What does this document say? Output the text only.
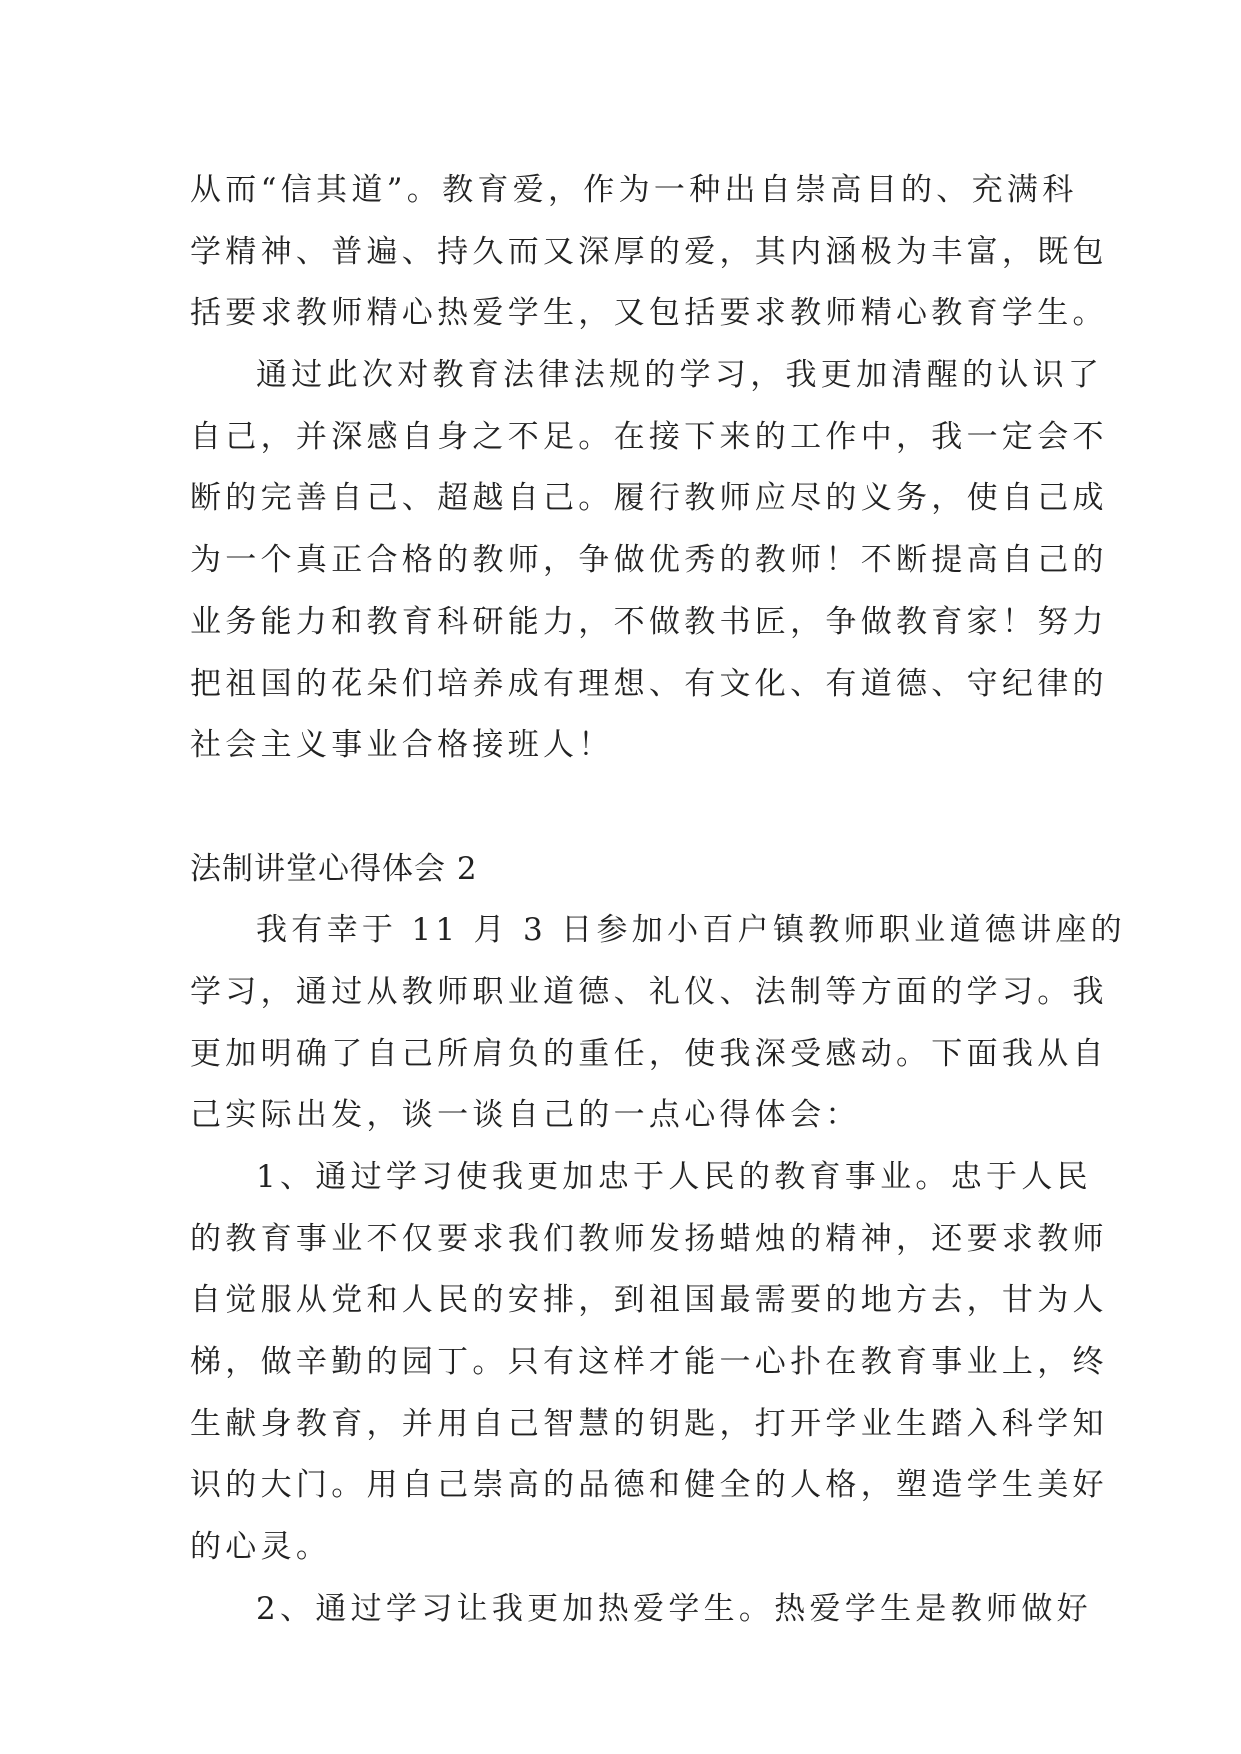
从而“信其道”。教育爱，作为一种出自崇高目的、充满科
学精神、普遍、持久而又深厚的爱，其内涵极为丰富，既包
括要求教师精心热爱学生，又包括要求教师精心教育学生。
通过此次对教育法律法规的学习，我更加清醒的认识了
自己，并深感自身之不足。在接下来的工作中，我一定会不
断的完善自己、超越自己。履行教师应尽的义务，使自己成
为一个真正合格的教师，争做优秀的教师！不断提高自己的
业务能力和教育科研能力，不做教书匠，争做教育家！努力
把祖国的花朵们培养成有理想、有文化、有道德、守纪律的
社会主义事业合格接班人！
法制讲堂心得体会 2
我有幸于 11 月 3 日参加小百户镇教师职业道德讲座的
学习，通过从教师职业道德、礼仪、法制等方面的学习。我
更加明确了自己所肩负的重任，使我深受感动。下面我从自
己实际出发，谈一谈自己的一点心得体会：
1、通过学习使我更加忠于人民的教育事业。忠于人民
的教育事业不仅要求我们教师发扬蜡烛的精神，还要求教师
自觉服从党和人民的安排，到祖国最需要的地方去，甘为人
梯，做辛勤的园丁。只有这样才能一心扑在教育事业上，终
生献身教育，并用自己智慧的钥匙，打开学业生踏入科学知
识的大门。用自己崇高的品德和健全的人格，塑造学生美好
的心灵。
2、通过学习让我更加热爱学生。热爱学生是教师做好
